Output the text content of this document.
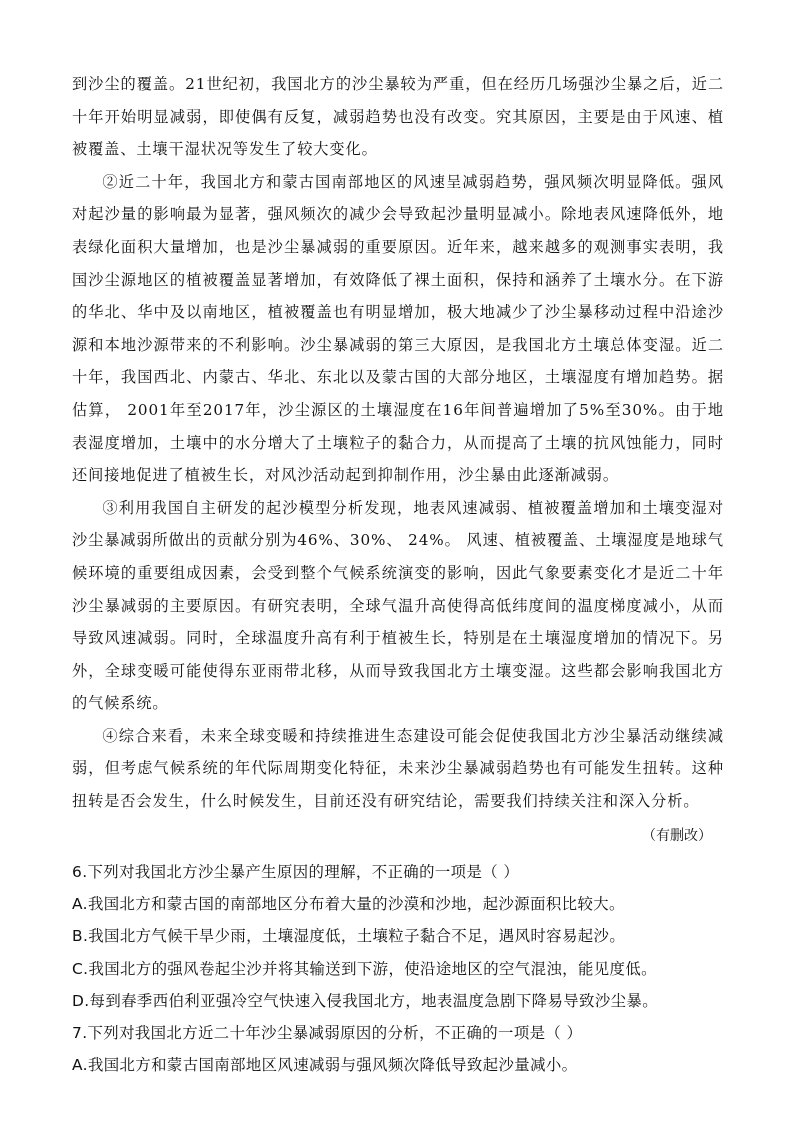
到沙尘的覆盖。21世纪初，我国北方的沙尘暴较为严重，但在经历几场强沙尘暴之后，近二十年开始明显减弱，即使偶有反复，减弱趋势也没有改变。究其原因，主要是由于风速、植被覆盖、土壤干湿状况等发生了较大变化。

②近二十年，我国北方和蒙古国南部地区的风速呈减弱趋势，强风频次明显降低。强风对起沙量的影响最为显著，强风频次的减少会导致起沙量明显减小。除地表风速降低外，地表绿化面积大量增加，也是沙尘暴减弱的重要原因。近年来，越来越多的观测事实表明，我国沙尘源地区的植被覆盖显著增加，有效降低了裸土面积，保持和涵养了土壤水分。在下游的华北、华中及以南地区，植被覆盖也有明显增加，极大地减少了沙尘暴移动过程中沿途沙源和本地沙源带来的不利影响。沙尘暴减弱的第三大原因，是我国北方土壤总体变湿。近二十年，我国西北、内蒙古、华北、东北以及蒙古国的大部分地区，土壤湿度有增加趋势。据估算， 2001年至2017年，沙尘源区的土壤湿度在16年间普遍增加了5%至30%。由于地表湿度增加，土壤中的水分增大了土壤粒子的黏合力，从而提高了土壤的抗风蚀能力，同时还间接地促进了植被生长，对风沙活动起到抑制作用，沙尘暴由此逐渐减弱。

③利用我国自主研发的起沙模型分析发现，地表风速减弱、植被覆盖增加和土壤变湿对沙尘暴减弱所做出的贡献分别为46%、30%、 24%。 风速、植被覆盖、土壤湿度是地球气候环境的重要组成因素，会受到整个气候系统演变的影响，因此气象要素变化才是近二十年沙尘暴减弱的主要原因。有研究表明，全球气温升高使得高低纬度间的温度梯度减小，从而导致风速减弱。同时，全球温度升高有利于植被生长，特别是在土壤湿度增加的情况下。另外，全球变暖可能使得东亚雨带北移，从而导致我国北方土壤变湿。这些都会影响我国北方的气候系统。

④综合来看，未来全球变暖和持续推进生态建设可能会促使我国北方沙尘暴活动继续减弱，但考虑气候系统的年代际周期变化特征，未来沙尘暴减弱趋势也有可能发生扭转。这种扭转是否会发生，什么时候发生，目前还没有研究结论，需要我们持续关注和深入分析。

（有删改）

6.下列对我国北方沙尘暴产生原因的理解，不正确的一项是（ ）

A.我国北方和蒙古国的南部地区分布着大量的沙漠和沙地，起沙源面积比较大。

B.我国北方气候干旱少雨，土壤湿度低，土壤粒子黏合不足，遇风时容易起沙。

C.我国北方的强风卷起尘沙并将其输送到下游，使沿途地区的空气混浊，能见度低。

D.每到春季西伯利亚强冷空气快速入侵我国北方，地表温度急剧下降易导致沙尘暴。

7.下列对我国北方近二十年沙尘暴减弱原因的分析，不正确的一项是（ ）

A.我国北方和蒙古国南部地区风速减弱与强风频次降低导致起沙量减小。
